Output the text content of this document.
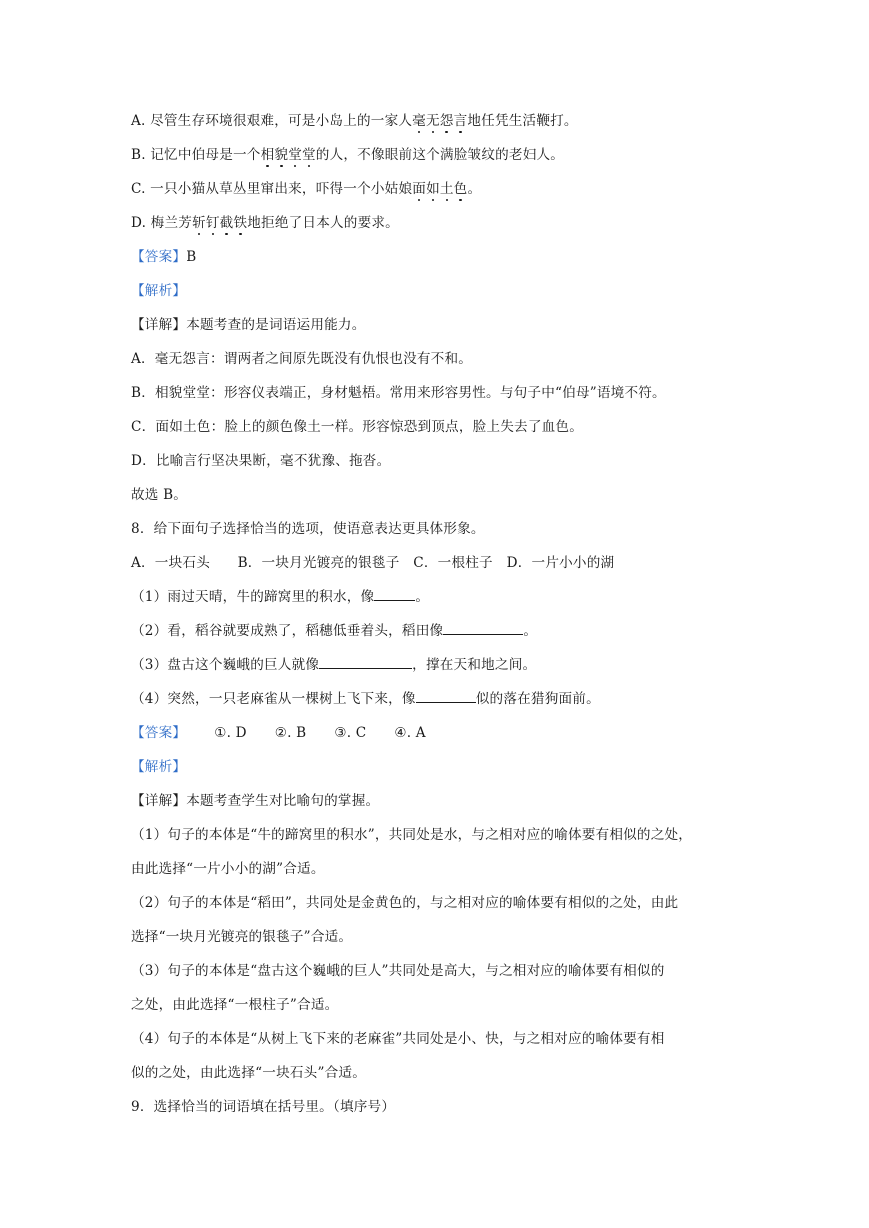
A. 尽管生存环境很艰难，可是小岛上的一家人毫无怨言地任凭生活鞭打。
B. 记忆中伯母是一个相貌堂堂的人，不像眼前这个满脸皱纹的老妇人。
C. 一只小猫从草丛里窜出来，吓得一个小姑娘面如土色。
D. 梅兰芳斩钉截铁地拒绝了日本人的要求。
【答案】B
【解析】
【详解】本题考查的是词语运用能力。
A．毫无怨言：谓两者之间原先既没有仇恨也没有不和。
B．相貌堂堂：形容仪表端正，身材魁梧。常用来形容男性。与句子中“伯母”语境不符。
C．面如土色：脸上的颜色像土一样。形容惊恐到顶点，脸上失去了血色。
D．比喻言行坚决果断，毫不犹豫、拖沓。
故选 B。
8．给下面句子选择恰当的选项，使语意表达更具体形象。
A．一块石头　　B．一块月光镀亮的银毯子　C．一根柱子　D．一片小小的湖
（1）雨过天晴，牛的蹄窝里的积水，像	。
（2）看，稻谷就要成熟了，稻穗低垂着头，稻田像	。
（3）盘古这个巍峨的巨人就像	，撑在天和地之间。
（4）突然，一只老麻雀从一棵树上飞下来，像	似的落在猎狗面前。
【答案】 ①. D ②. B ③. C ④. A
【解析】
【详解】本题考查学生对比喻句的掌握。
（1）句子的本体是“牛的蹄窝里的积水”，共同处是水，与之相对应的喻体要有相似的之处，
由此选择“一片小小的湖”合适。
（2）句子的本体是“稻田”，共同处是金黄色的，与之相对应的喻体要有相似的之处，由此
选择“一块月光镀亮的银毯子”合适。
（3）句子的本体是“盘古这个巍峨的巨人”共同处是高大，与之相对应的喻体要有相似的
之处，由此选择“一根柱子”合适。
（4）句子的本体是“从树上飞下来的老麻雀”共同处是小、快，与之相对应的喻体要有相
似的之处，由此选择“一块石头”合适。
9．选择恰当的词语填在括号里。（填序号）
